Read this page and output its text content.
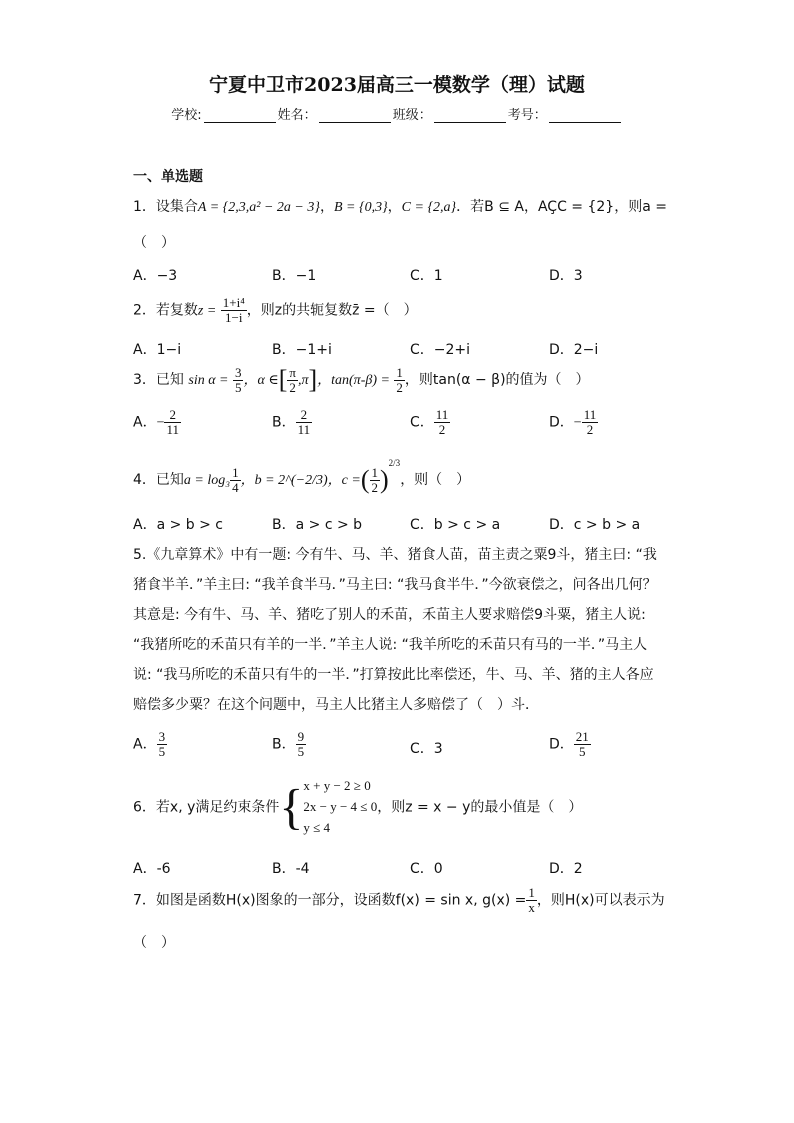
宁夏中卫市2023届高三一模数学（理）试题
学校:	姓名：	班级：	考号：
一、单选题
1．设集合A = {2,3,a² − 2a − 3}，B = {0,3}，C = {2,a}．若B ⊆ A，AÇC = {2}，则a =
（　）
A．−3	B．−1	C．1	D．3
2．若复数$z = \frac{\text{1+i⁴}}{1-i}$ ，则z的共轭复数z̄ =（　）
A．1−i	B．−1+i	C．−2+i	D．2−i
3．已知 $\sin \alpha = \frac{3}{5}$ ，α ∈[ $\frac{\pi}{2} ,\pi$]，$\tan(\pi-\beta) = \frac{1}{2}$ ，则tan(α − β)的值为（　）
A．− $\frac{2}{11}$	B． $\frac{2}{11}$	C． $\frac{11}{2}$	D．− $\frac{11}{2}$
4．已知$a = \log_3 \frac{1}{4}$ ，b = 2^(−2/3)，c =( $\frac{1}{2} )^{2/3}$，则（　）
A．a > b > c	B．a > c > b	C．b > c > a	D．c > b > a
5.《九章算术》中有一题: 今有牛、马、羊、猪食人苗，苗主责之粟9斗，猪主曰: “我猪食半羊．”羊主曰: “我羊食半马．”马主曰: “我马食半牛．”今欲衰偿之，问各出几何？其意是: 今有牛、马、羊、猪吃了别人的禾苗，禾苗主人要求赔偿9斗粟，猪主人说: “我猪所吃的禾苗只有羊的一半．”羊主人说: “我羊所吃的禾苗只有马的一半．”马主人说: “我马所吃的禾苗只有牛的一半．”打算按此比率偿还，牛、马、羊、猪的主人各应赔偿多少粟？在这个问题中，马主人比猪主人多赔偿了（　）斗．
A． $\frac{3}{5}$	B． $\frac{9}{5}$	C．3	D． $\frac{21}{5}$
6．若x, y满足约束条件{ x + y − 2 ≥ 0
2x − y − 4 ≤ 0
y ≤ 4
，则z = x − y的最小值是（　）
A．-6	B．-4	C．0	D．2
7．如图是函数H(x)图象的一部分，设函数f(x) = sin x, $g(x) = \frac{1}{x}$ ，则H(x)可以表示为
（　）
